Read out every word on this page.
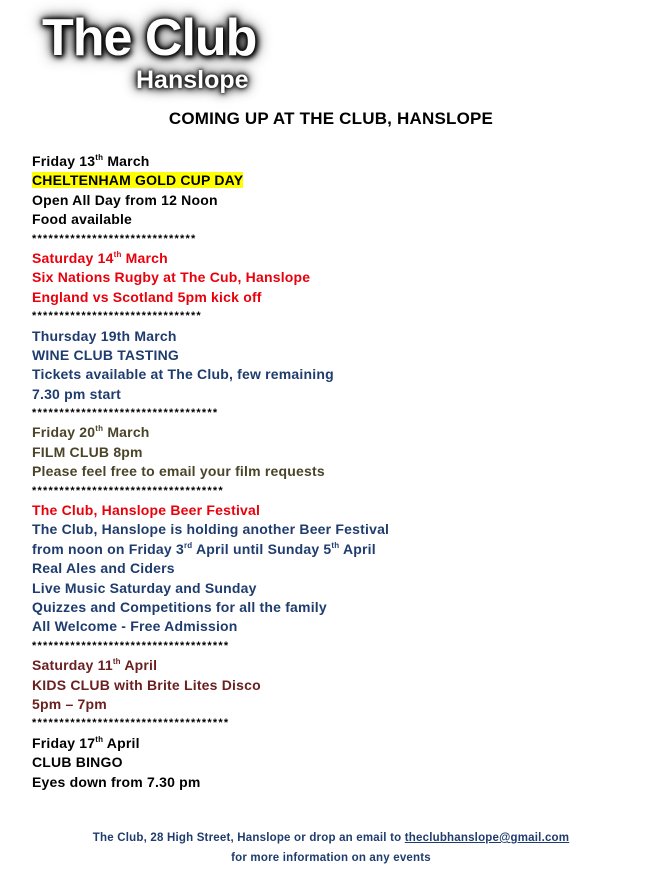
The Club
Hanslope
COMING UP AT THE CLUB, HANSLOPE
Friday 13th March
CHELTENHAM GOLD CUP DAY
Open All Day from 12 Noon
Food available
******************************
Saturday 14th March
Six Nations Rugby at The Cub, Hanslope
England vs Scotland 5pm kick off
*******************************
Thursday 19th March
WINE CLUB TASTING
Tickets available at The Club, few remaining
7.30 pm start
**********************************
Friday 20th March
FILM CLUB 8pm
Please feel free to email your film requests
***********************************
The Club, Hanslope Beer Festival
The Club, Hanslope is holding another Beer Festival
from noon on Friday 3rd April until Sunday 5th April
Real Ales and Ciders
Live Music Saturday and Sunday
Quizzes and Competitions for all the family
All Welcome - Free Admission
************************************
Saturday 11th April
KIDS CLUB with Brite Lites Disco
5pm – 7pm
************************************
Friday 17th April
CLUB BINGO
Eyes down from 7.30 pm
The Club, 28 High Street, Hanslope or drop an email to theclubhanslope@gmail.com
for more information on any events
